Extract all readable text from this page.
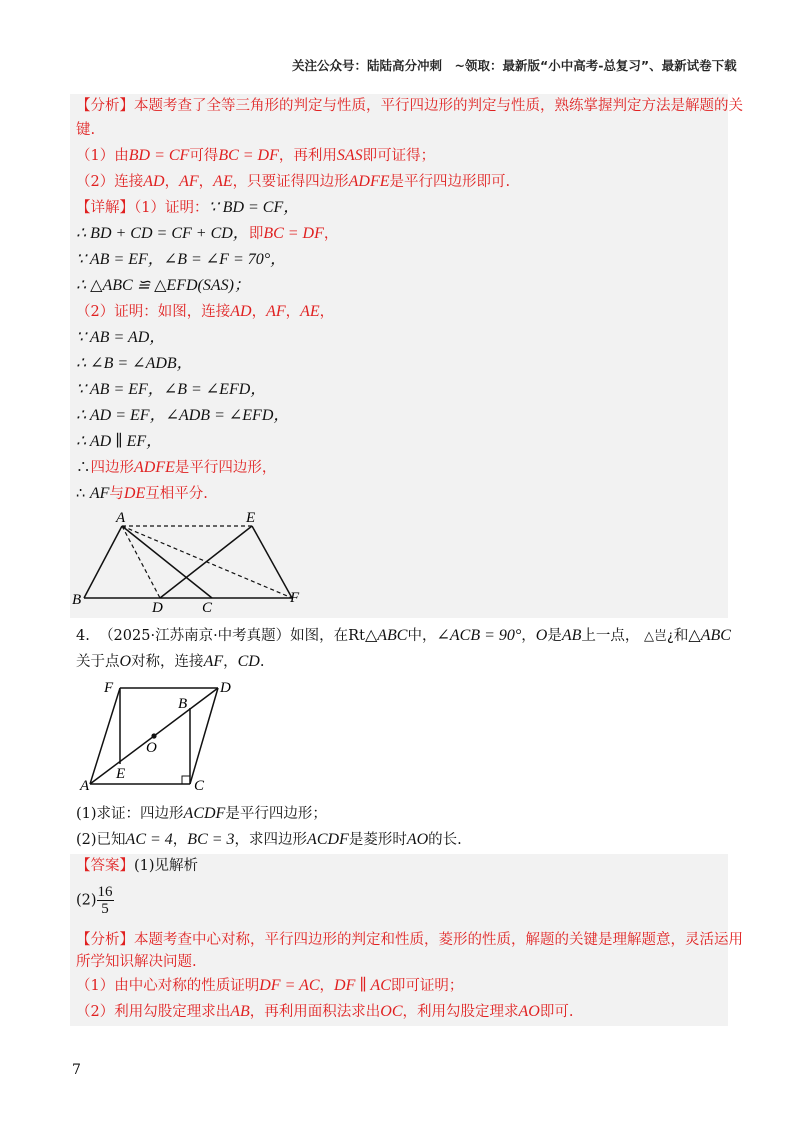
关注公众号：陆陆高分冲刺　~领取：最新版“小中高考-总复习”、最新试卷下载
【分析】本题考查了全等三角形的判定与性质，平行四边形的判定与性质，熟练掌握判定方法是解题的关
键.
（1）由BD = CF可得BC = DF，再利用SAS即可证得；
（2）连接AD，AF，AE，只要证得四边形ADFE是平行四边形即可.
【详解】（1）证明：∵ BD = CF，
∴ BD + CD = CF + CD，即BC = DF，
∵ AB = EF，∠B = ∠F = 70°，
∴ △ABC ≌ △EFD(SAS)；
（2）证明：如图，连接AD，AF，AE，
∵ AB = AD，
∴ ∠B = ∠ADB，
∵ AB = EF，∠B = ∠EFD，
∴ AD = EF，∠ADB = ∠EFD，
∴ AD ∥ EF，
∴四边形ADFE是平行四边形，
∴ AF与DE互相平分.
A	E
B	D	C
F
4. （2025·江苏南京·中考真题）如图，在Rt△ABC中，∠ACB = 90°，O是AB上一点， △岂¿和△ABC
关于点O对称，连接AF，CD.
F	D
B
O
A
E
C
(1)求证：四边形ACDF是平行四边形；
(2)已知AC = 4，BC = 3，求四边形ACDF是菱形时AO的长.
【答案】(1)见解析
$(2) \frac{16}{5}$
【分析】本题考查中心对称，平行四边形的判定和性质，菱形的性质，解题的关键是理解题意，灵活运用
所学知识解决问题.
（1）由中心对称的性质证明DF = AC，DF ∥ AC即可证明；
（2）利用勾股定理求出AB，再利用面积法求出OC，利用勾股定理求AO即可.
7
